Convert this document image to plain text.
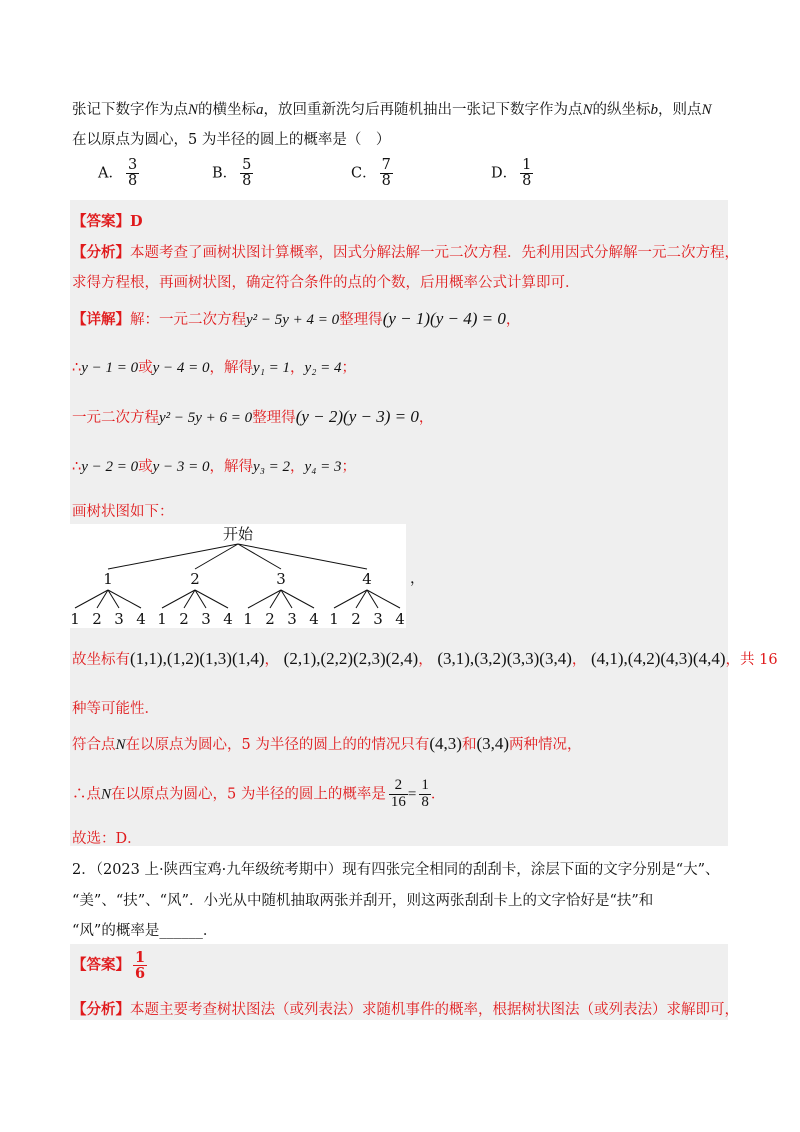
张记下数字作为点N的横坐标a，放回重新洗匀后再随机抽出一张记下数字作为点N的纵坐标b，则点N
在以原点为圆心，5 为半径的圆上的概率是（　）
A． $\frac{3}{8}$	B． $\frac{5}{8}$	C． $\frac{7}{8}$	D． $\frac{1}{8}$
【答案】D
【分析】本题考查了画树状图计算概率，因式分解法解一元二次方程．先利用因式分解解一元二次方程，
求得方程根，再画树状图，确定符合条件的点的个数，后用概率公式计算即可．
【详解】解：一元二次方程y² − 5y + 4 = 0整理得(y − 1)(y − 4) = 0，
∴y − 1 = 0或y − 4 = 0，解得y₁ = 1，y₂ = 4；
一元二次方程y² − 5y + 6 = 0整理得(y − 2)(y − 3) = 0，
∴y − 2 = 0或y − 3 = 0，解得y₃ = 2，y₄ = 3；
画树状图如下：
开始
1	2	3	4
1 2 3 4 1 2 3 4 1 2 3 4 1 2 3 4
，
故坐标有(1,1),(1,2)(1,3)(1,4)， (2,1),(2,2)(2,3)(2,4)， (3,1),(3,2)(3,3)(3,4)， (4,1),(4,2)(4,3)(4,4)，共 16
种等可能性．
符合点N在以原点为圆心，5 为半径的圆上的的情况只有(4,3)和(3,4)两种情况，
∴点N在以原点为圆心，5 为半径的圆上的概率是 $\frac{2}{16} = \frac{1}{8}$ ．
故选：D．
2．（2023 上·陕西宝鸡·九年级统考期中）现有四张完全相同的刮刮卡，涂层下面的文字分别是“大”、
“美”、“扶”、“风”．小光从中随机抽取两张并刮开，则这两张刮刮卡上的文字恰好是“扶”和
“风”的概率是______．
【答案】 $\frac{1}{6}$
【分析】本题主要考查树状图法（或列表法）求随机事件的概率，根据树状图法（或列表法）求解即可，
